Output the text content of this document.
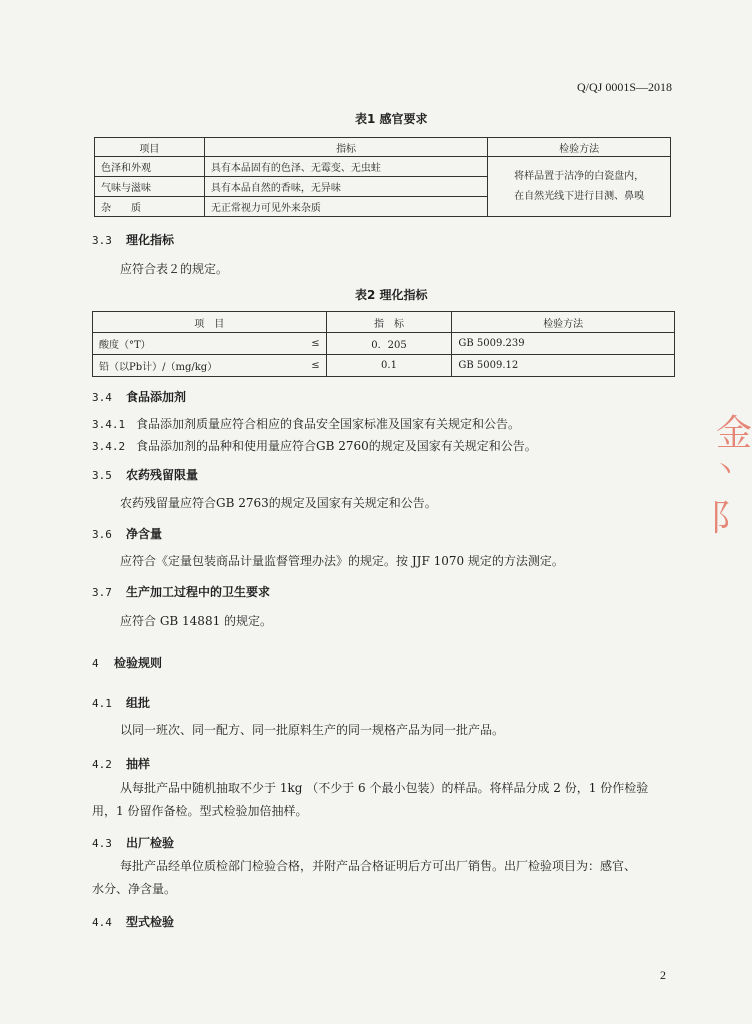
Q/QJ 0001S—2018
表1 感官要求
项目	指标	检验方法
色泽和外观	具有本品固有的色泽、无霉变、无虫蛀	将样品置于洁净的白瓷盘内，
在自然光线下进行目测、鼻嗅
气味与滋味	具有本品自然的香味，无异味	
杂　　质	无正常视力可见外来杂质	
3.3 理化指标
应符合表２的规定。
表2 理化指标
项　目		指　标	检验方法
酸度（°T）	≤	0．205	GB 5009.239
铅（以Pb计）/（mg/kg）	≤	0.1	GB 5009.12
3.4 食品添加剂
3.4.1 食品添加剂质量应符合相应的食品安全国家标准及国家有关规定和公告。
3.4.2 食品添加剂的品种和使用量应符合GB 2760的规定及国家有关规定和公告。
3.5 农药残留限量
农药残留量应符合GB 2763的规定及国家有关规定和公告。
3.6 净含量
应符合《定量包装商品计量监督管理办法》的规定。按 JJF 1070 规定的方法测定。
3.7 生产加工过程中的卫生要求
应符合 GB 14881 的规定。
4 检验规则
4.1 组批
以同一班次、同一配方、同一批原料生产的同一规格产品为同一批产品。
4.2 抽样
从每批产品中随机抽取不少于 1kg （不少于 6 个最小包装）的样品。将样品分成 2 份，1 份作检验
用，1 份留作备检。型式检验加倍抽样。
4.3 出厂检验
每批产品经单位质检部门检验合格，并附产品合格证明后方可出厂销售。出厂检验项目为：感官、
水分、净含量。
4.4 型式检验
金
丶
阝
2
